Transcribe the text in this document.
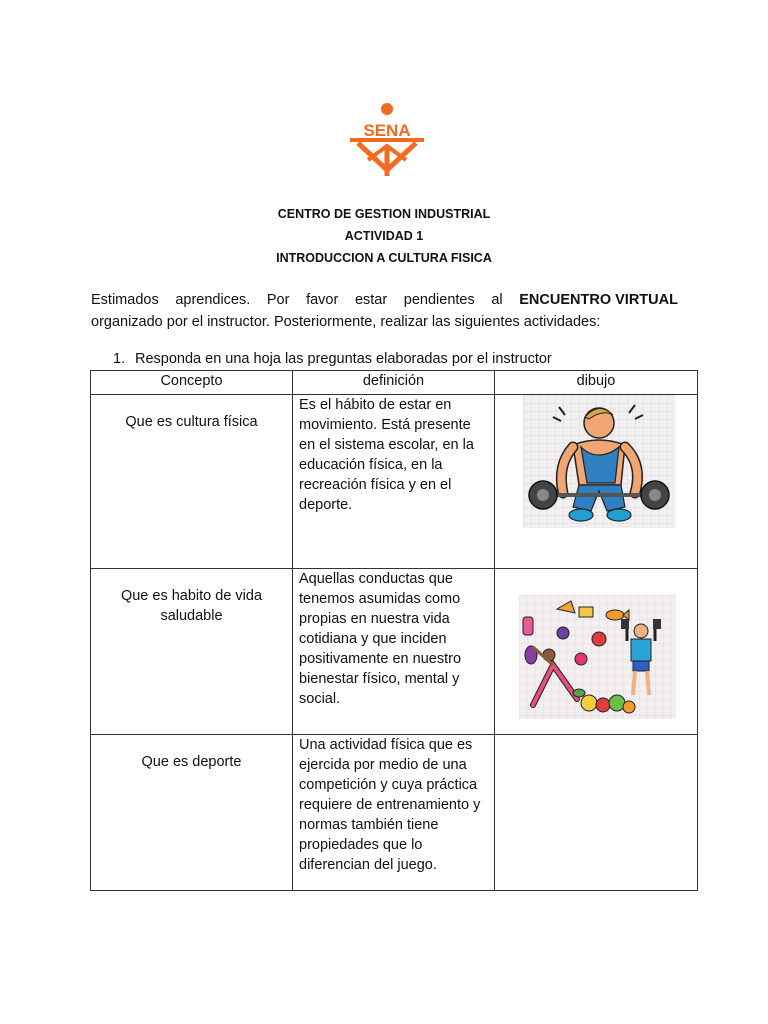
SENA
CENTRO DE GESTION INDUSTRIAL
ACTIVIDAD 1
INTRODUCCION A CULTURA FISICA
Estimados aprendices. Por favor estar pendientes al ENCUENTRO VIRTUAL
organizado por el instructor. Posteriormente, realizar las siguientes actividades:
1. Responda en una hoja las preguntas elaboradas por el instructor
Concepto	definición	dibujo
Que es cultura física	Es el hábito de estar en movimiento. Está presente en el sistema escolar, en la educación física, en la recreación física y en el deporte.	

Que es habito de vida saludable	Aquellas conductas que tenemos asumidas como propias en nuestra vida cotidiana y que inciden positivamente en nuestro bienestar físico, mental y social.	

Que es deporte	Una actividad física que es ejercida por medio de una competición y cuya práctica requiere de entrenamiento y normas también tiene propiedades que lo diferencian del juego.	
